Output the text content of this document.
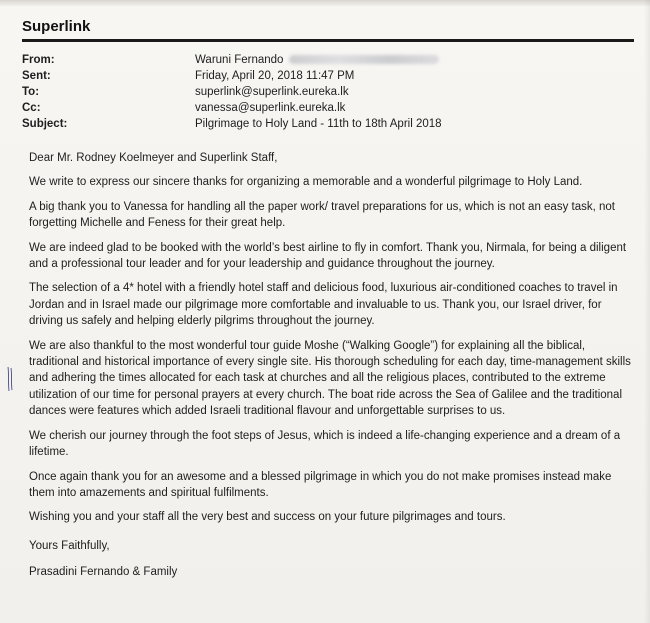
Superlink
From:	Waruni Fernando
Sent:	Friday, April 20, 2018 11:47 PM
To:	superlink@superlink.eureka.lk
Cc:	vanessa@superlink.eureka.lk
Subject:	Pilgrimage to Holy Land - 11th to 18th April 2018

Dear Mr. Rodney Koelmeyer and Superlink Staff,

We write to express our sincere thanks for organizing a memorable and a wonderful pilgrimage to Holy Land.

A big thank you to Vanessa for handling all the paper work/ travel preparations for us, which is not an easy task, not forgetting Michelle and Feness for their great help.

We are indeed glad to be booked with the world’s best airline to fly in comfort. Thank you, Nirmala, for being a diligent and a professional tour leader and for your leadership and guidance throughout the journey.

The selection of a 4* hotel with a friendly hotel staff and delicious food, luxurious air-conditioned coaches to travel in Jordan and in Israel made our pilgrimage more comfortable and invaluable to us. Thank you, our Israel driver, for driving us safely and helping elderly pilgrims throughout the journey.

We are also thankful to the most wonderful tour guide Moshe (“Walking Google”) for explaining all the biblical, traditional and historical importance of every single site. His thorough scheduling for each day, time-management skills and adhering the times allocated for each task at churches and all the religious places, contributed to the extreme utilization of our time for personal prayers at every church. The boat ride across the Sea of Galilee and the traditional dances were features which added Israeli traditional flavour and unforgettable surprises to us.

We cherish our journey through the foot steps of Jesus, which is indeed a life-changing experience and a dream of a lifetime.

Once again thank you for an awesome and a blessed pilgrimage in which you do not make promises instead make them into amazements and spiritual fulfilments.

Wishing you and your staff all the very best and success on your future pilgrimages and tours.

Yours Faithfully,

Prasadini Fernando & Family
